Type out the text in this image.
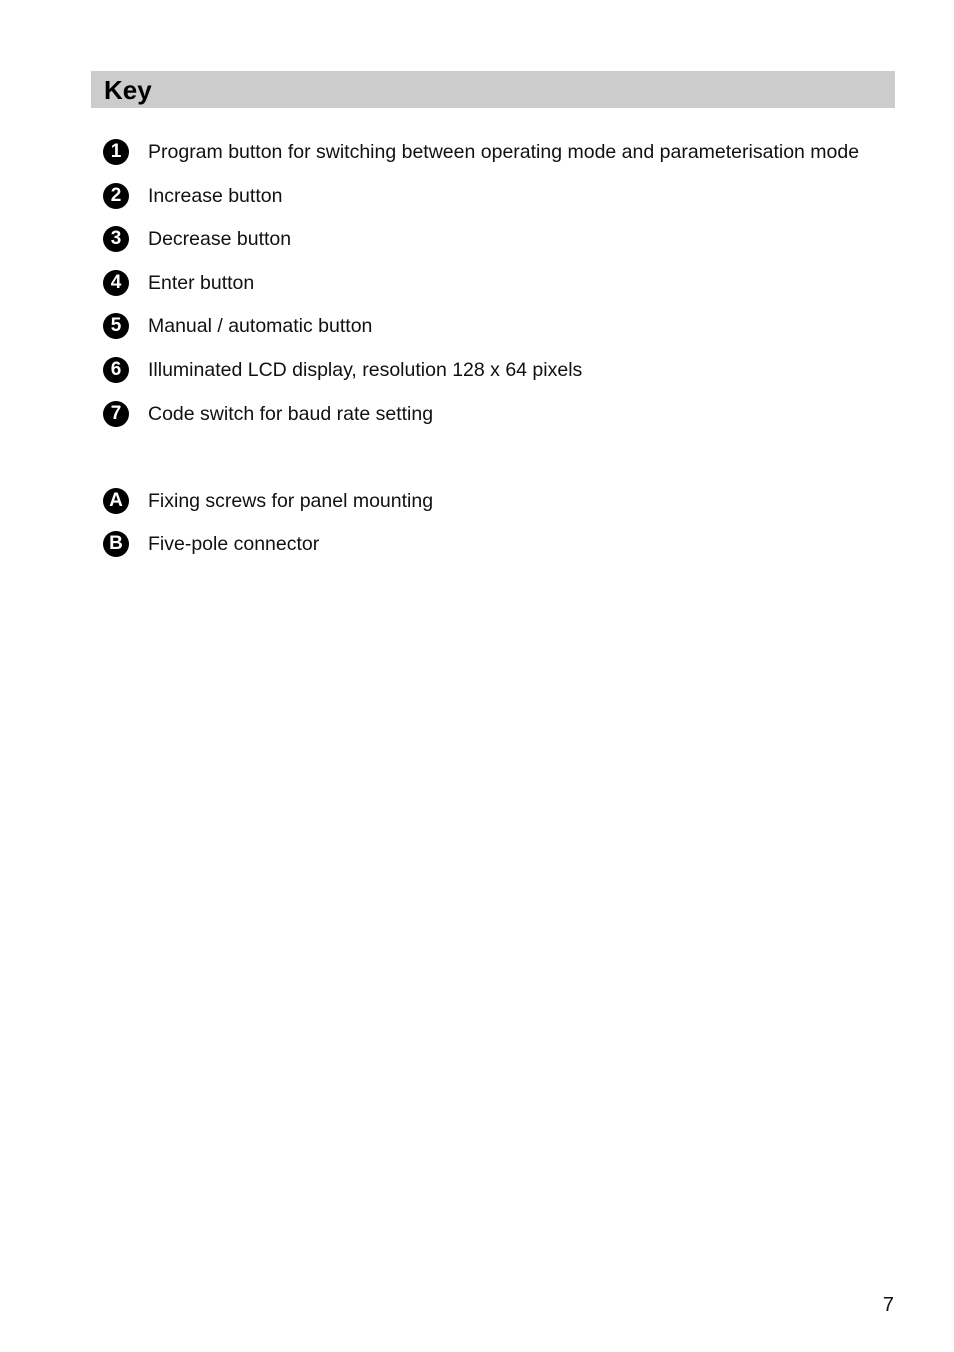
Key
1	Program button for switching between operating mode and parameterisation mode
2	Increase button
3	Decrease button
4	Enter button
5	Manual / automatic button
6	Illuminated LCD display, resolution 128 x 64 pixels
7	Code switch for baud rate setting
A	Fixing screws for panel mounting
B	Five-pole connector
7
